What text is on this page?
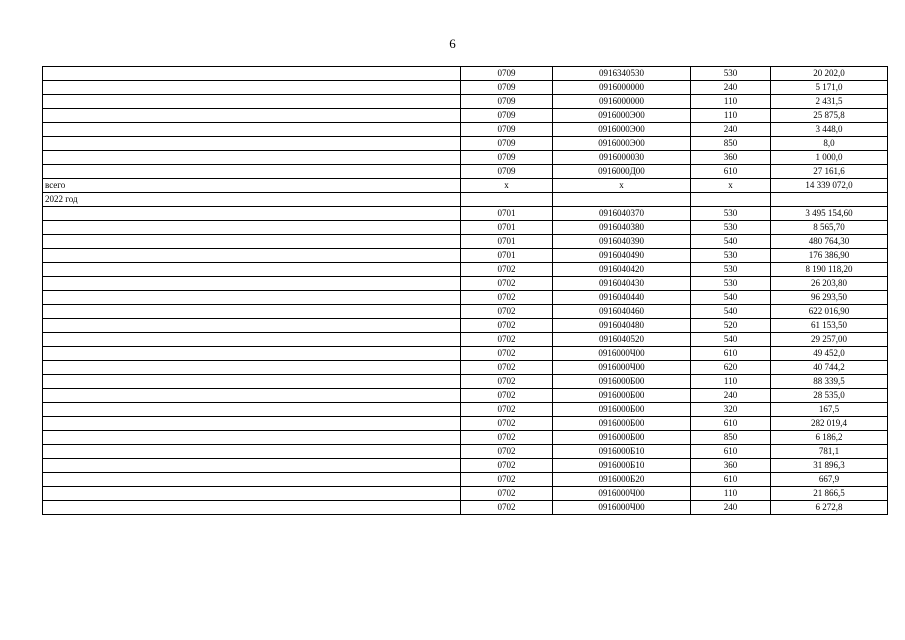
6
	0709	0916340530	530	20 202,0
	0709	0916000000	240	5 171,0
	0709	0916000000	110	2 431,5
	0709	0916000Э00	110	25 875,8
	0709	0916000Э00	240	3 448,0
	0709	0916000Э00	850	8,0
	0709	0916000030	360	1 000,0
	0709	0916000Д00	610	27 161,6
всего	x	x	x	14 339 072,0
2022 год				
	0701	0916040370	530	3 495 154,60
	0701	0916040380	530	8 565,70
	0701	0916040390	540	480 764,30
	0701	0916040490	530	176 386,90
	0702	0916040420	530	8 190 118,20
	0702	0916040430	530	26 203,80
	0702	0916040440	540	96 293,50
	0702	0916040460	540	622 016,90
	0702	0916040480	520	61 153,50
	0702	0916040520	540	29 257,00
	0702	0916000Ч00	610	49 452,0
	0702	0916000Ч00	620	40 744,2
	0702	0916000Б00	110	88 339,5
	0702	0916000Б00	240	28 535,0
	0702	0916000Б00	320	167,5
	0702	0916000Б00	610	282 019,4
	0702	0916000Б00	850	6 186,2
	0702	0916000Б10	610	781,1
	0702	0916000Б10	360	31 896,3
	0702	0916000Б20	610	667,9
	0702	0916000Ч00	110	21 866,5
	0702	0916000Ч00	240	6 272,8
